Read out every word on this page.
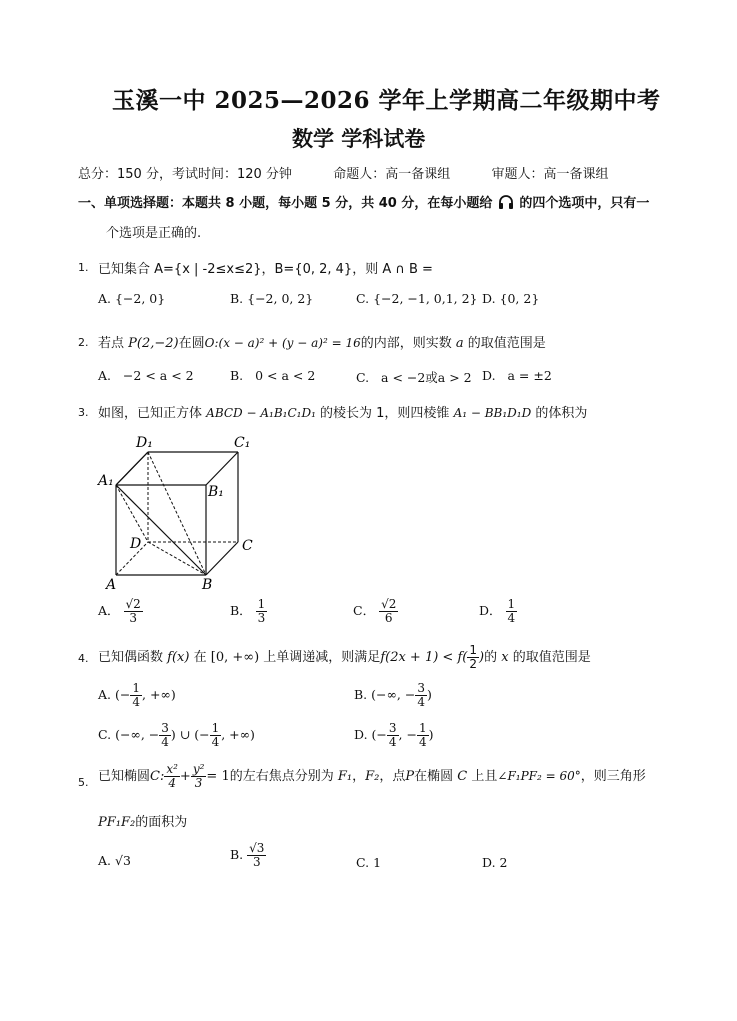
玉溪一中 2025—2026 学年上学期高二年级期中考
数学 学科试卷
总分：150 分，考试时间：120 分钟          命题人：高一备课组          审题人：高一备课组
一、单项选择题：本题共 8 小题，每小题 5 分，共 40 分，在每小题给 的四个选项中，只有一
个选项是正确的.
1. 已知集合 A={x | -2≤x≤2}，B={0, 2, 4}，则 A ∩ B =
A. {−2, 0}	B. {−2, 0, 2}	C. {−2, −1, 0,1, 2} D. {0, 2}
2. 若点 P(2,−2)在圆O:(x − a)² + (y − a)² = 16的内部，则实数 a 的取值范围是
A.   −2 < a < 2	B.   0 < a < 2	C.   a < −2或a > 2 D.   a = ±2
3. 如图，已知正方体 ABCD − A₁B₁C₁D₁ 的棱长为 1，则四棱锥 A₁ − BB₁D₁D 的体积为
D₁	C₁
A₁
B₁
D	C
A	B
A． $\frac{√2}{3}$	B． $\frac{1}{3}$	C． $\frac{√2}{6}$	D． $\frac{1}{4}$
4. 已知偶函数 f(x) 在 [0, +∞) 上单调递减，则满足$f(2x + 1) < f( \frac{1}{2}$ )的 x 的取值范围是
A. (− $\frac{1}{4}$ , +∞)	B. (−∞, − $\frac{3}{4}$ )
C. (−∞, − $\frac{3}{4}$ ) ∪ (− $\frac{1}{4}$ , +∞)	D. (− $\frac{3}{4}$ , − $\frac{1}{4}$ )
5. 已知椭圆C: $\frac{\text{x²}}{4} + \frac{\text{y²}}{3} = 1$的左右焦点分别为 F₁，F₂，点P在椭圆 C 上且∠F₁PF₂ = 60°，则三角形
PF₁F₂的面积为
A. √3	B. $\frac{√3}{3}$	C. 1	D. 2
